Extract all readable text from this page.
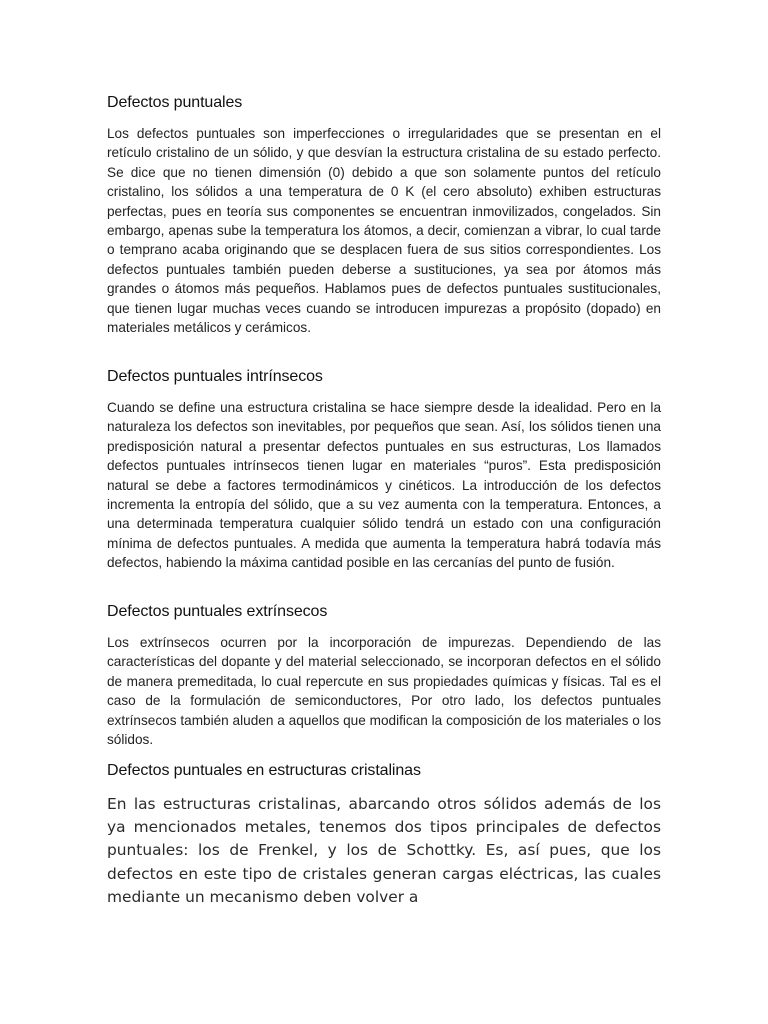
Defectos puntuales

Los defectos puntuales son imperfecciones o irregularidades que se presentan en el retículo cristalino de un sólido, y que desvían la estructura cristalina de su estado perfecto. Se dice que no tienen dimensión (0) debido a que son solamente puntos del retículo cristalino, los sólidos a una temperatura de 0 K (el cero absoluto) exhiben estructuras perfectas, pues en teoría sus componentes se encuentran inmovilizados, congelados. Sin embargo, apenas sube la temperatura los átomos, a decir, comienzan a vibrar, lo cual tarde o temprano acaba originando que se desplacen fuera de sus sitios correspondientes. Los defectos puntuales también pueden deberse a sustituciones, ya sea por átomos más grandes o átomos más pequeños. Hablamos pues de defectos puntuales sustitucionales, que tienen lugar muchas veces cuando se introducen impurezas a propósito (dopado) en materiales metálicos y cerámicos.

Defectos puntuales intrínsecos

Cuando se define una estructura cristalina se hace siempre desde la idealidad. Pero en la naturaleza los defectos son inevitables, por pequeños que sean. Así, los sólidos tienen una predisposición natural a presentar defectos puntuales en sus estructuras, Los llamados defectos puntuales intrínsecos tienen lugar en materiales “puros”. Esta predisposición natural se debe a factores termodinámicos y cinéticos. La introducción de los defectos incrementa la entropía del sólido, que a su vez aumenta con la temperatura. Entonces, a una determinada temperatura cualquier sólido tendrá un estado con una configuración mínima de defectos puntuales. A medida que aumenta la temperatura habrá todavía más defectos, habiendo la máxima cantidad posible en las cercanías del punto de fusión.

Defectos puntuales extrínsecos

Los extrínsecos ocurren por la incorporación de impurezas. Dependiendo de las características del dopante y del material seleccionado, se incorporan defectos en el sólido de manera premeditada, lo cual repercute en sus propiedades químicas y físicas. Tal es el caso de la formulación de semiconductores, Por otro lado, los defectos puntuales extrínsecos también aluden a aquellos que modifican la composición de los materiales o los sólidos.

Defectos puntuales en estructuras cristalinas

En las estructuras cristalinas, abarcando otros sólidos además de los ya mencionados metales, tenemos dos tipos principales de defectos puntuales: los de Frenkel, y los de Schottky. Es, así pues, que los defectos en este tipo de cristales generan cargas eléctricas, las cuales mediante un mecanismo deben volver a
